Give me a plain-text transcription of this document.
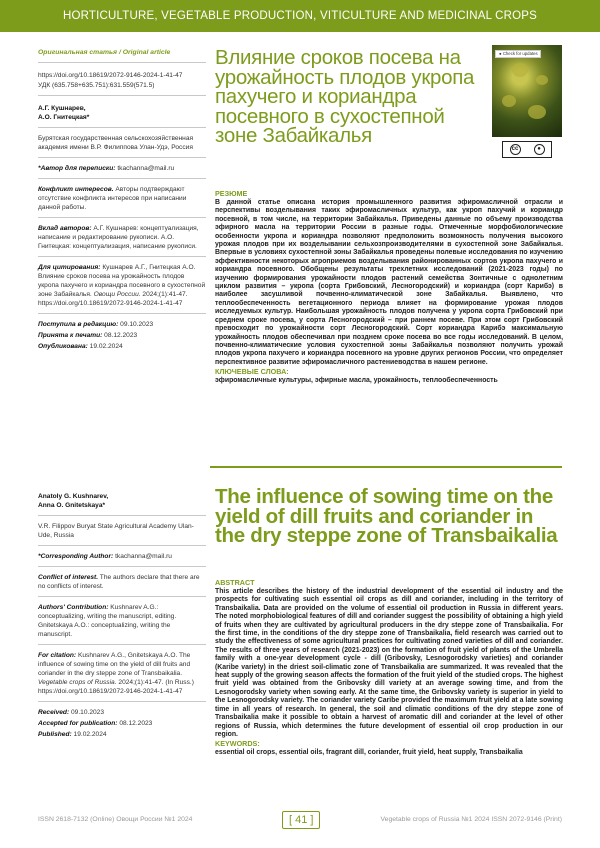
HORTICULTURE, VEGETABLE PRODUCTION, VITICULTURE AND MEDICINAL CROPS

Оригинальная статья / Original article

https://doi.org/10.18619/2072-9146-2024-1-41-47

УДК (635.758+635.751):631.559(571.5)

А.Г. Кушнарев,

А.О. Гнитецкая*

Бурятская государственная сельскохозяйственная академия имени В.Р. Филиппова Улан-Удэ, Россия

*Автор для переписки: tkachanna@mail.ru

Конфликт интересов. Авторы подтверждают отсутствие конфликта интересов при написании данной работы.

Вклад авторов: А.Г. Кушнарев: концептуализация, написание и редактирование рукописи. А.О. Гнитецкая: концептуализация, написание рукописи.

Для цитирования: Кушнарев А.Г., Гнитецкая А.О. Влияние сроков посева на урожайность плодов укропа пахучего и кориандра посевного в сухостепной зоне Забайкалья. Овощи России. 2024;(1):41-47. https://doi.org/10.18619/2072-9146-2024-1-41-47

Поступила в редакцию: 09.10.2023

Принята к печати: 08.12.2023

Опубликована: 19.02.2024

Влияние сроков посева на урожайность плодов укропа пахучего и кориандра посевного в сухостепной зоне Забайкалья
● Check for updates
cc	●

РЕЗЮМЕ

В данной статье описана история промышленного развития эфиромасличной отрасли и перспективы возделывания таких эфиромасличных культур, как укроп пахучий и кориандр посевной, в том числе, на территории Забайкалья. Приведены данные по объему производства эфирного масла на территории России в разные годы. Отмеченные морфобиологические особенности укропа и кориандра позволяют предположить возможность получения высокого урожая плодов при их возделывании сельхозпроизводителями в сухостепной зоне Забайкалья. Впервые в условиях сухостепной зоны Забайкалья проведены полевые исследования по изучению эффективности некоторых агроприемов возделывания районированных сортов укропа пахучего и кориандра посевного. Обобщены результаты трехлетних исследований (2021-2023 годы) по изучению формирования урожайности плодов растений семейства Зонтичные с однолетним циклом развития – укропа (сорта Грибовский, Лесногородский) и кориандра (сорт Карибэ) в наиболее засушливой почвенно-климатической зоне Забайкалья. Выявлено, что теплообеспеченность вегетационного периода влияет на формирование урожая плодов исследуемых культур. Наибольшая урожайность плодов получена у укропа сорта Грибовский при среднем сроке посева, у сорта Лесногородский – при раннем посеве. При этом сорт Грибовский превосходит по урожайности сорт Лесногородский. Сорт кориандра Карибэ максимальную урожайность плодов обеспечивал при позднем сроке посева во все годы исследований. В целом, почвенно-климатические условия сухостепной зоны Забайкалья позволяют получить урожай плодов укропа пахучего и кориандра посевного на уровне других регионов России, что определяет перспективное развитие эфиромасличного растениеводства в нашем регионе.

КЛЮЧЕВЫЕ СЛОВА:

эфиромасличные культуры, эфирные масла, урожайность, теплообеспеченность

Anatoly G. Kushnarev,

Anna O. Gnitetskaya*

V.R. Filippov Buryat State Agricultural Academy Ulan-Ude, Russia

*Corresponding Author: tkachanna@mail.ru

Conflict of interest. The authors declare that there are no conflicts of interest.

Authors' Contribution: Kushnarev A.G.: conceptualizing, writing the manuscript, editing. Gnitetskaya A.O.: conceptualizing, writing the manuscript.

For citation: Kushnarev A.G., Gnitetskaya A.O. The influence of sowing time on the yield of dill fruits and coriander in the dry steppe zone of Transbaikalia. Vegetable crops of Russia. 2024;(1):41-47. (In Russ.) https://doi.org/10.18619/2072-9146-2024-1-41-47

Received: 09.10.2023

Accepted for publication: 08.12.2023

Published: 19.02.2024

The influence of sowing time on the yield of dill fruits and coriander in the dry steppe zone of Transbaikalia

ABSTRACT

This article describes the history of the industrial development of the essential oil industry and the prospects for cultivating such essential oil crops as dill and coriander, including in the territory of Transbaikalia. Data are provided on the volume of essential oil production in Russia in different years. The noted morphobiological features of dill and coriander suggest the possibility of obtaining a high yield of fruits when they are cultivated by agricultural producers in the dry steppe zone of Transbaikalia. For the first time, in the conditions of the dry steppe zone of Transbaikalia, field research was carried out to study the effectiveness of some agricultural practices for cultivating zoned varieties of dill and coriander. The results of three years of research (2021-2023) on the formation of fruit yield of plants of the Umbrella family with a one-year development cycle - dill (Gribovsky, Lesnogorodsky varieties) and coriander (Karibe variety) in the driest soil-climatic zone of Transbaikalia are summarized. It was revealed that the heat supply of the growing season affects the formation of the fruit yield of the studied crops. The highest fruit yield was obtained from the Gribovsky dill variety at an average sowing time, and from the Lesnogorodsky variety when sowing early. At the same time, the Gribovsky variety is superior in yield to the Lesnogorodsky variety. The coriander variety Caribe provided the maximum fruit yield at a late sowing time in all years of research. In general, the soil and climatic conditions of the dry steppe zone of Transbaikalia make it possible to obtain a harvest of aromatic dill and coriander at the level of other regions of Russia, which determines the future development of essential oil crop production in our region.

KEYWORDS:

essential oil crops, essential oils, fragrant dill, coriander, fruit yield, heat supply, Transbaikalia

ISSN 2618-7132 (Online) Овощи России №1 2024	[ 41 ]	Vegetable crops of Russia №1 2024 ISSN 2072-9146 (Print)
